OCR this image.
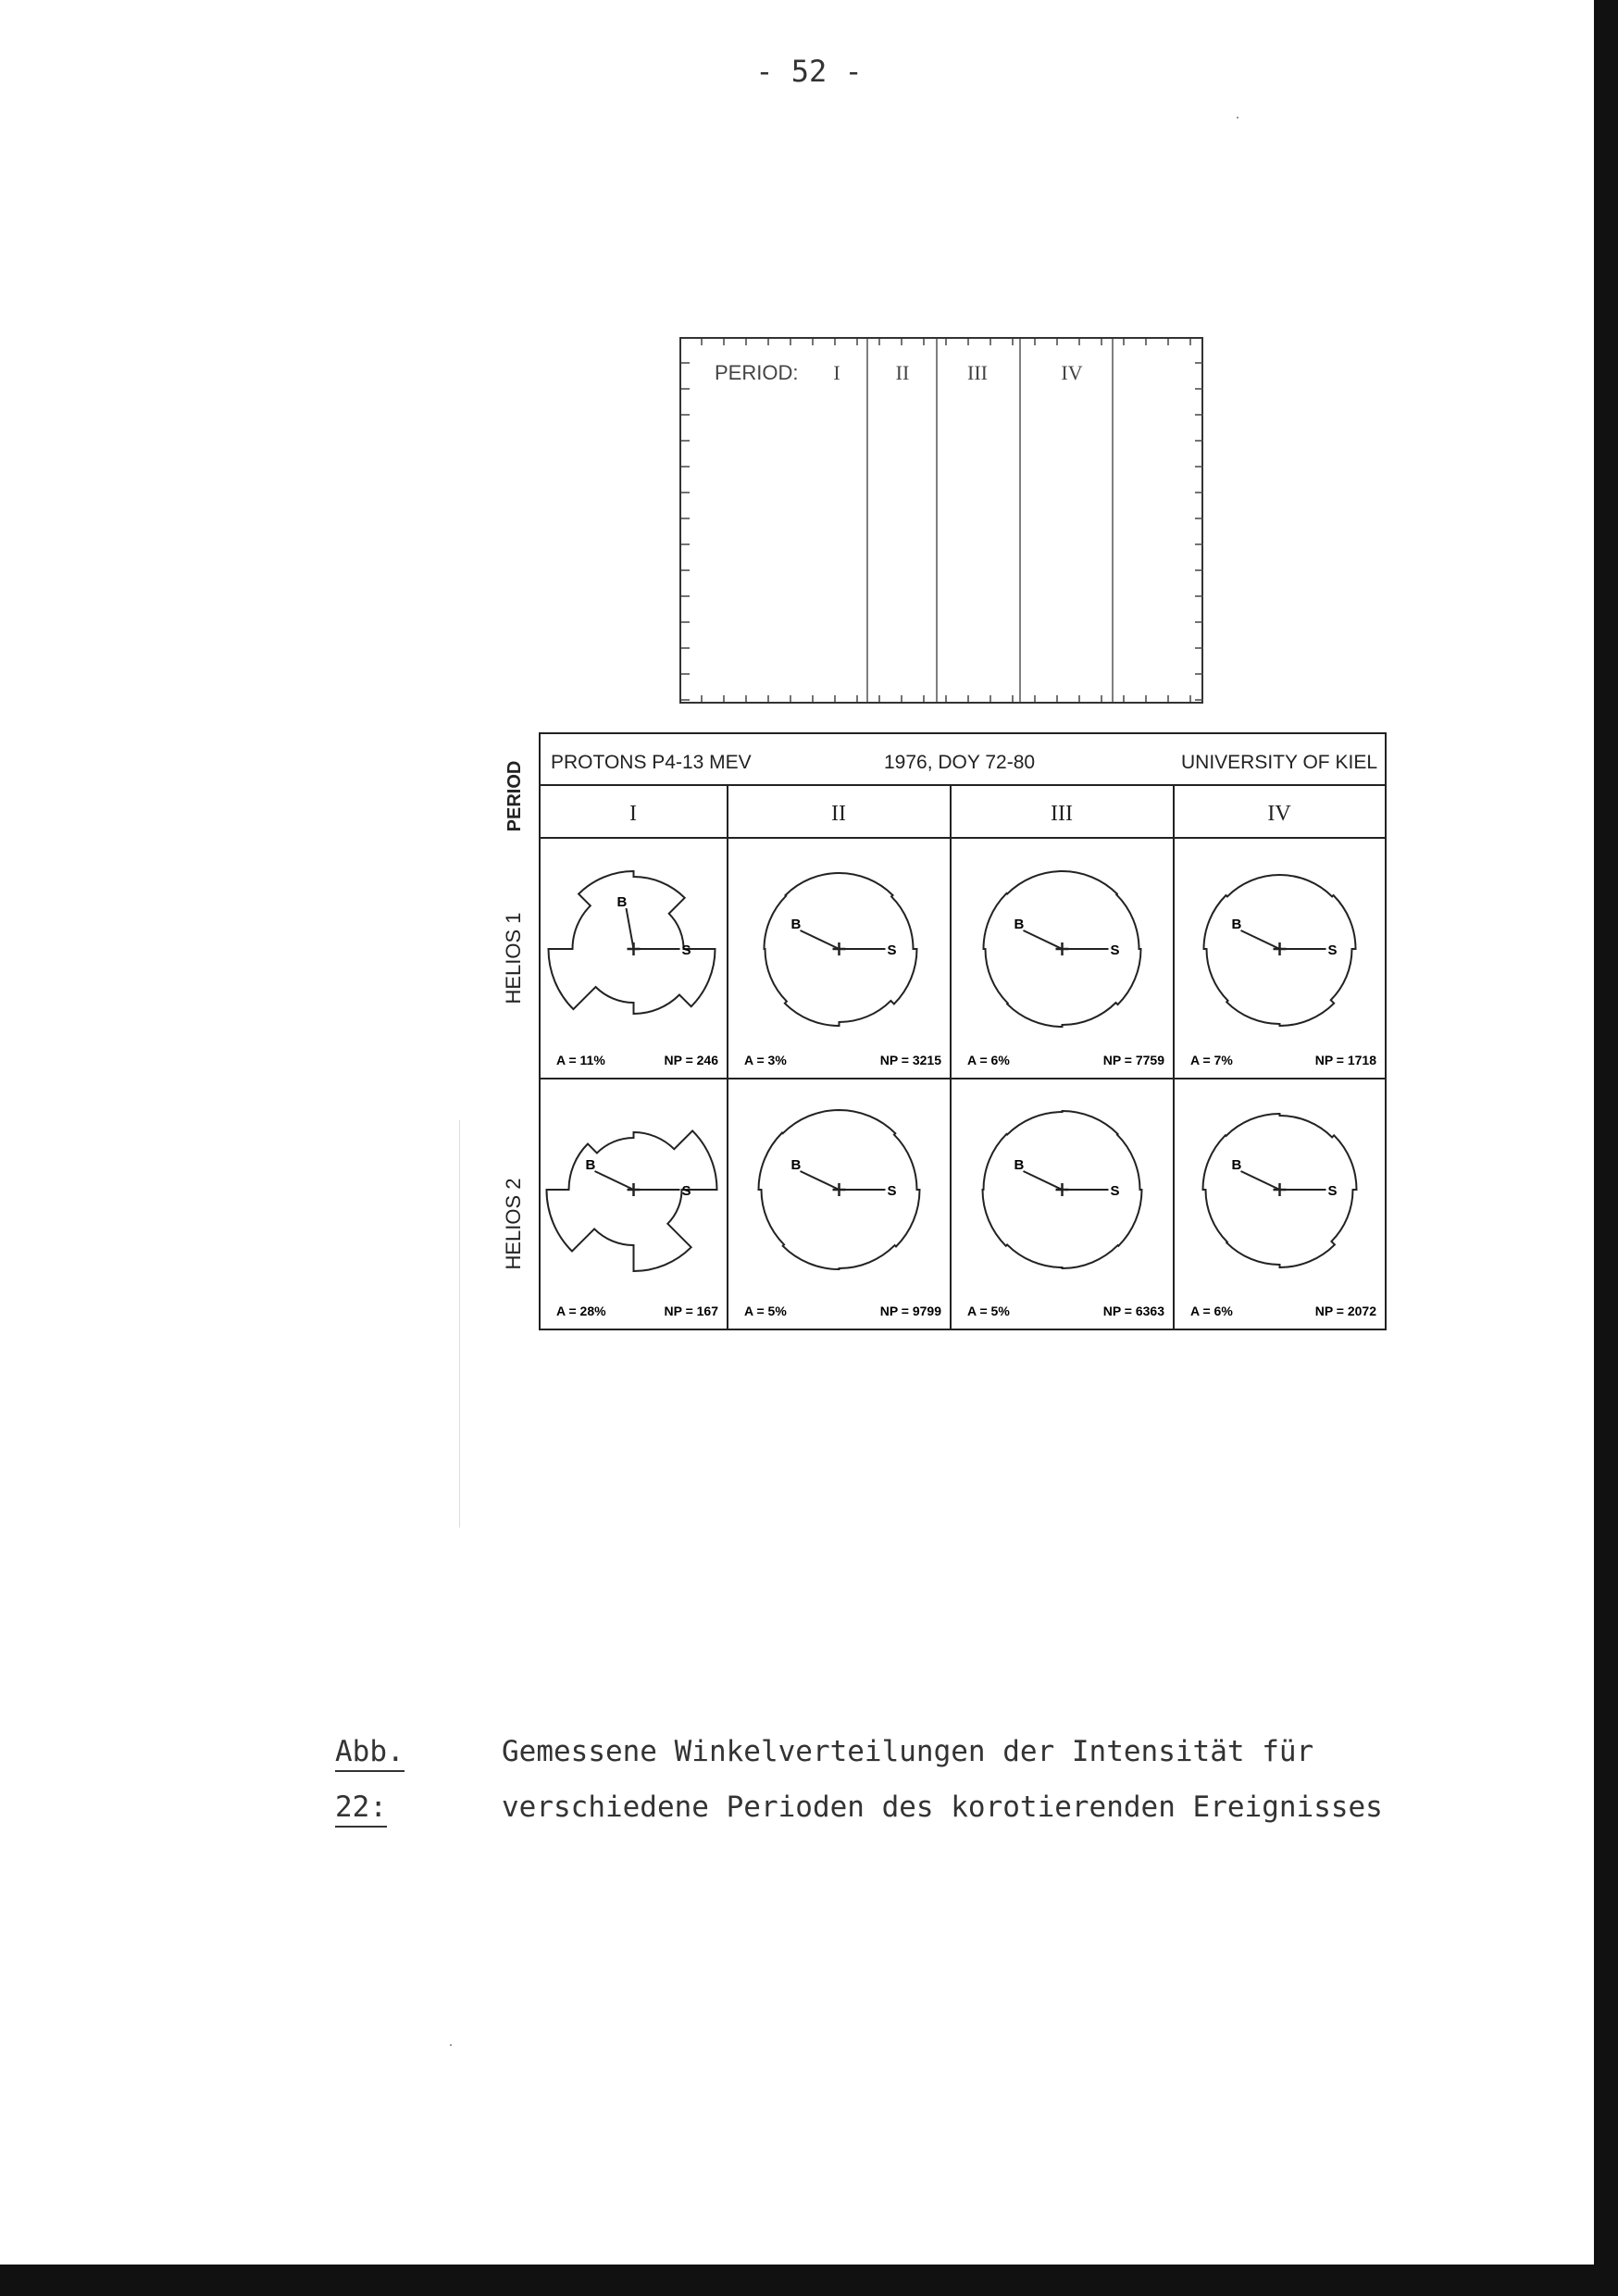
- 52 -
PERIOD: I	II	III	IV
PERIOD
HELIOS 1
HELIOS 2
PROTONS P4-13 MEV	1976, DOY 72-80	UNIVERSITY OF KIEL
I	II	III	IV
B
S
A = 11%	NP = 246
B
S
A = 3%	NP = 3215
B
S
A = 6%	NP = 7759
B
S
A = 7%	NP = 1718
B
S
A = 28%	NP = 167
B
S
A = 5%	NP = 9799
B
S
A = 5%	NP = 6363
B
S
A = 6%	NP = 2072
Abb. 22:
Gemessene Winkelverteilungen der Intensität für
verschiedene Perioden des korotierenden Ereignisses
